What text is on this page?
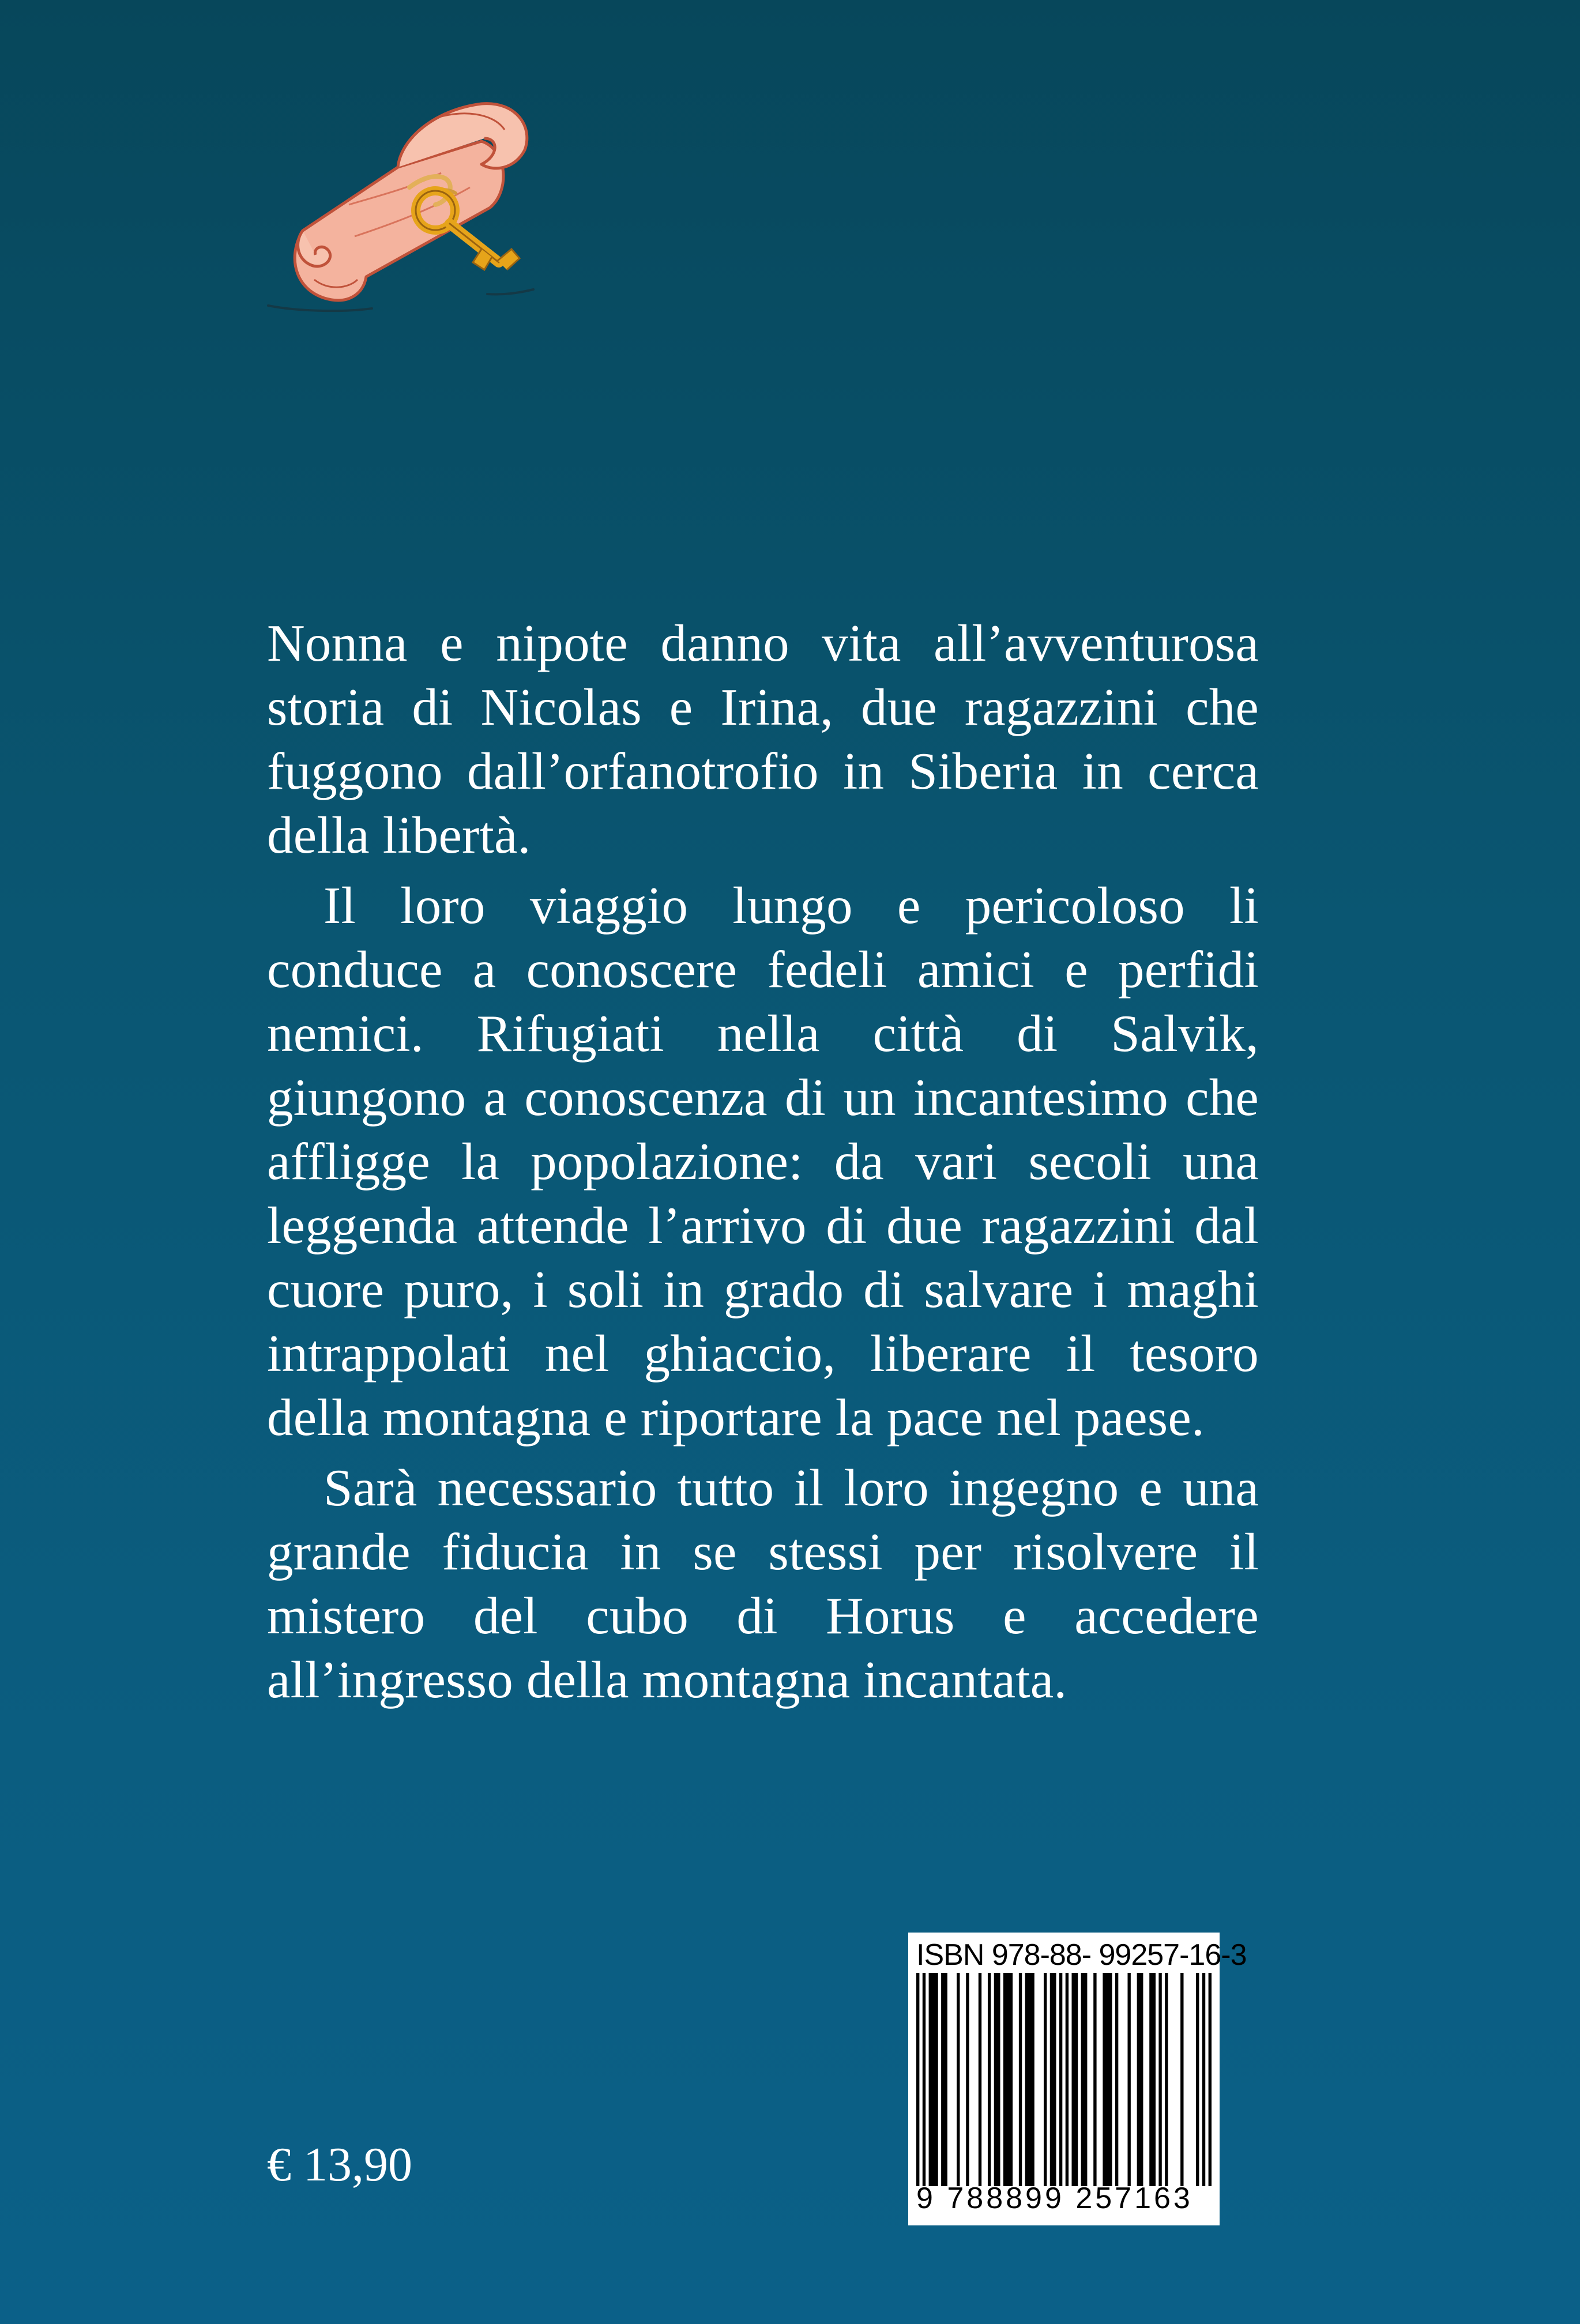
Nonna e nipote danno vita all’avventurosa storia di Nicolas e Irina, due ragazzini che fuggono dall’orfanotrofio in Siberia in cerca della libertà.

Il loro viaggio lungo e pericoloso li conduce a conoscere fedeli amici e perfidi nemici. Rifugiati nella città di Salvik, giungono a conoscenza di un incantesimo che affligge la popolazione: da vari secoli una leggenda attende l’arrivo di due ragazzini dal cuore puro, i soli in grado di salvare i maghi intrappolati nel ghiaccio, liberare il tesoro della montagna e riportare la pace nel paese.

Sarà necessario tutto il loro ingegno e una grande fiducia in se stessi per risolvere il mistero del cubo di Horus e accedere all’ingresso della montagna incantata.

€ 13,90
ISBN 978-88- 99257-16-3
9 788899 257163
